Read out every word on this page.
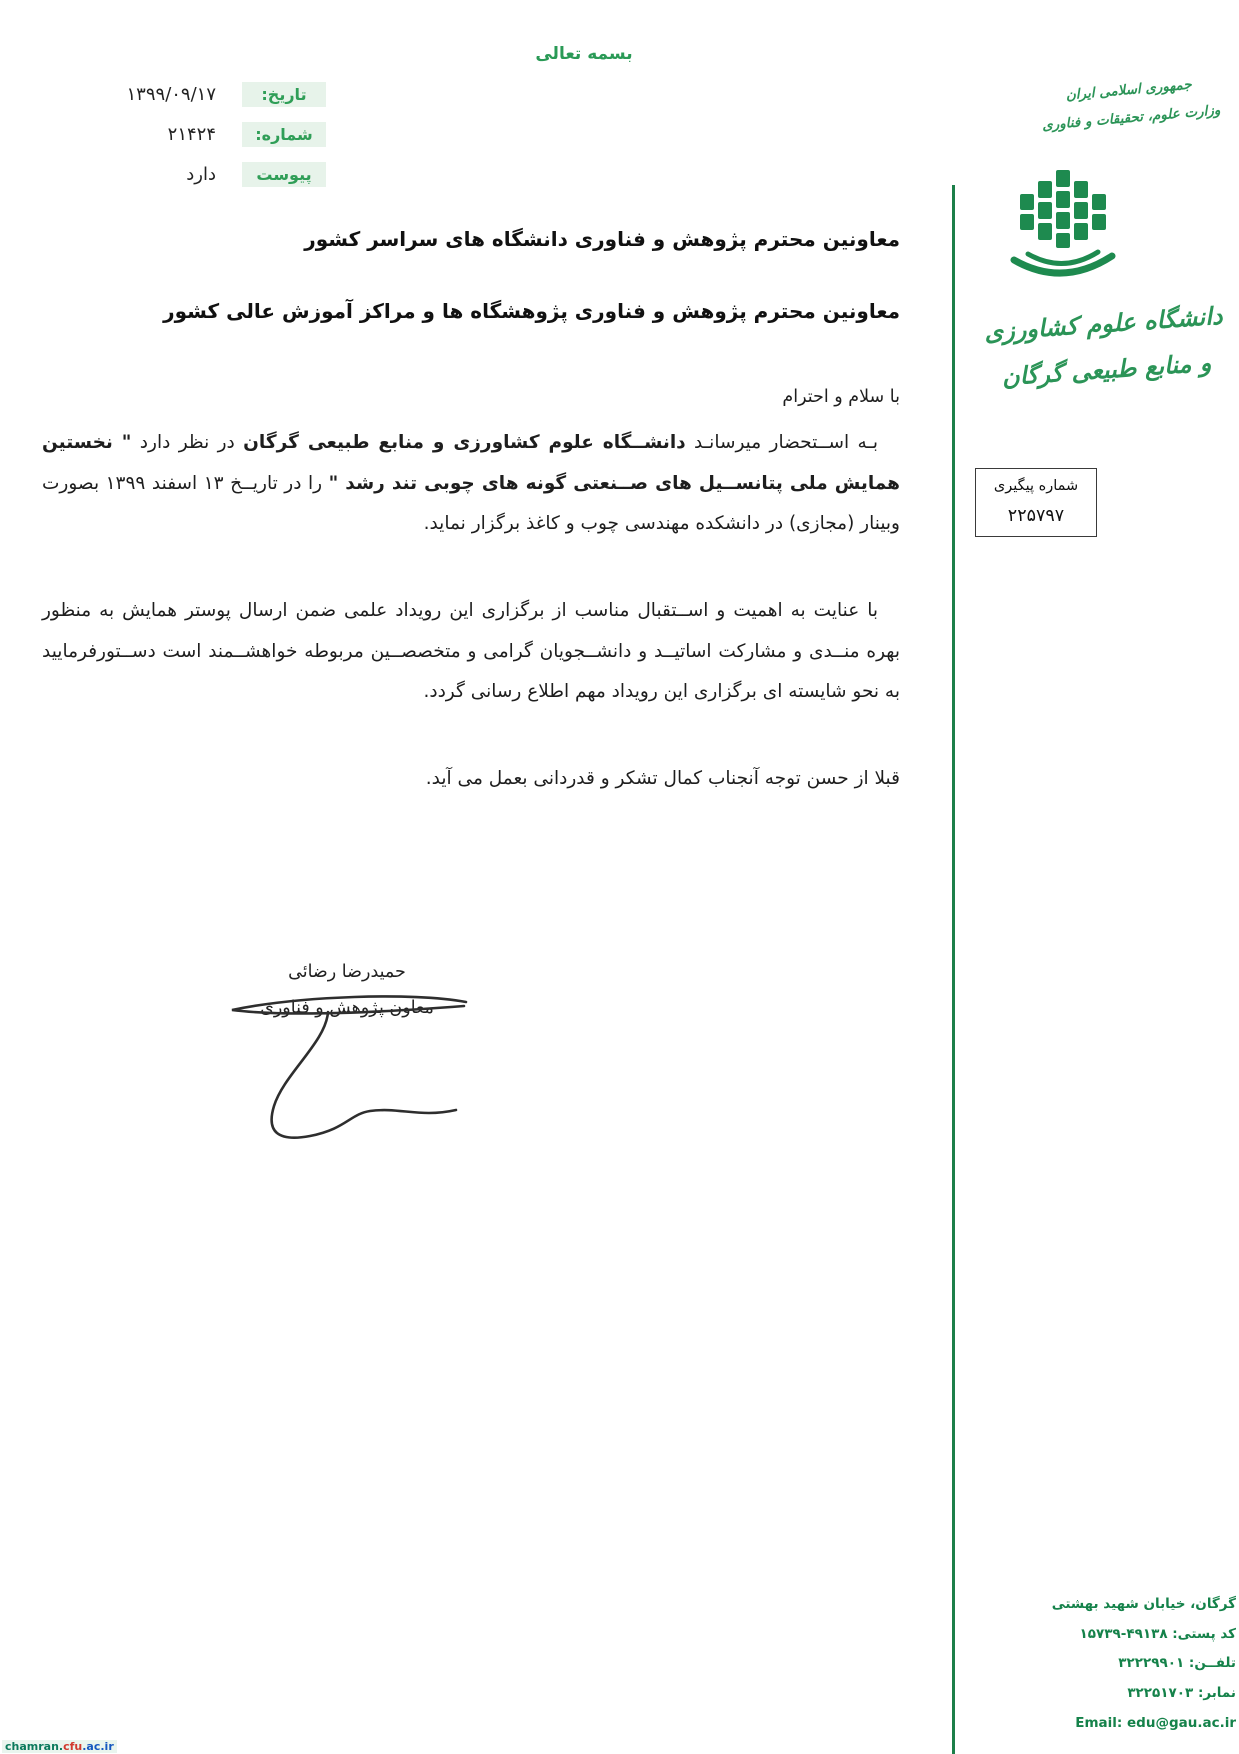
بسمه تعالی
تاریخ:
۱۳۹۹/۰۹/۱۷
شماره:
۲۱۴۲۴
پیوست
دارد

معاونین محترم پژوهش و فناوری دانشگاه های سراسر کشور

معاونین محترم پژوهش و فناوری پژوهشگاه ها و مراکز آموزش عالی کشور

با سلام و احترام

بـه اســتحضار میرسانـد دانشــگاه علوم کشاورزی و منابع طبیعی گرگان در نظر دارد " نخستین همایش ملی پتانســیل های صــنعتی گونه های چوبی تند رشد " را در تاریــخ ۱۳ اسفند ۱۳۹۹ بصورت وبینار (مجازی) در دانشکده مهندسی چوب و کاغذ برگزار نماید.

با عنایت به اهمیت و اســتقبال مناسب از برگزاری این رویداد علمی ضمن ارسال پوستر همایش به منظور بهره منــدی و مشارکت اساتیــد و دانشــجویان گرامی و متخصصــین مربوطه خواهشــمند است دســتورفرمایید به نحو شایسته ای برگزاری این رویداد مهم اطلاع رسانی گردد.

قبلا از حسن توجه آنجناب کمال تشکر و قدردانی بعمل می آید.

حمیدرضا رضائی

معاون پژوهش و فناوری

جمهوری اسلامی ایران
وزارت علوم، تحقیقات و فناوری
دانشگاه علوم کشاورزی
و منابع طبیعی گرگان
شماره پیگیری
۲۲۵۷۹۷
گرگان، خیابان شهید بهشتی
کد پستی: ۴۹۱۳۸-۱۵۷۳۹
تلفــن: ۳۲۲۲۹۹۰۱
نمابر: ۳۲۲۵۱۷۰۳
Email: edu@gau.ac.ir
chamran.cfu.ac.ir
